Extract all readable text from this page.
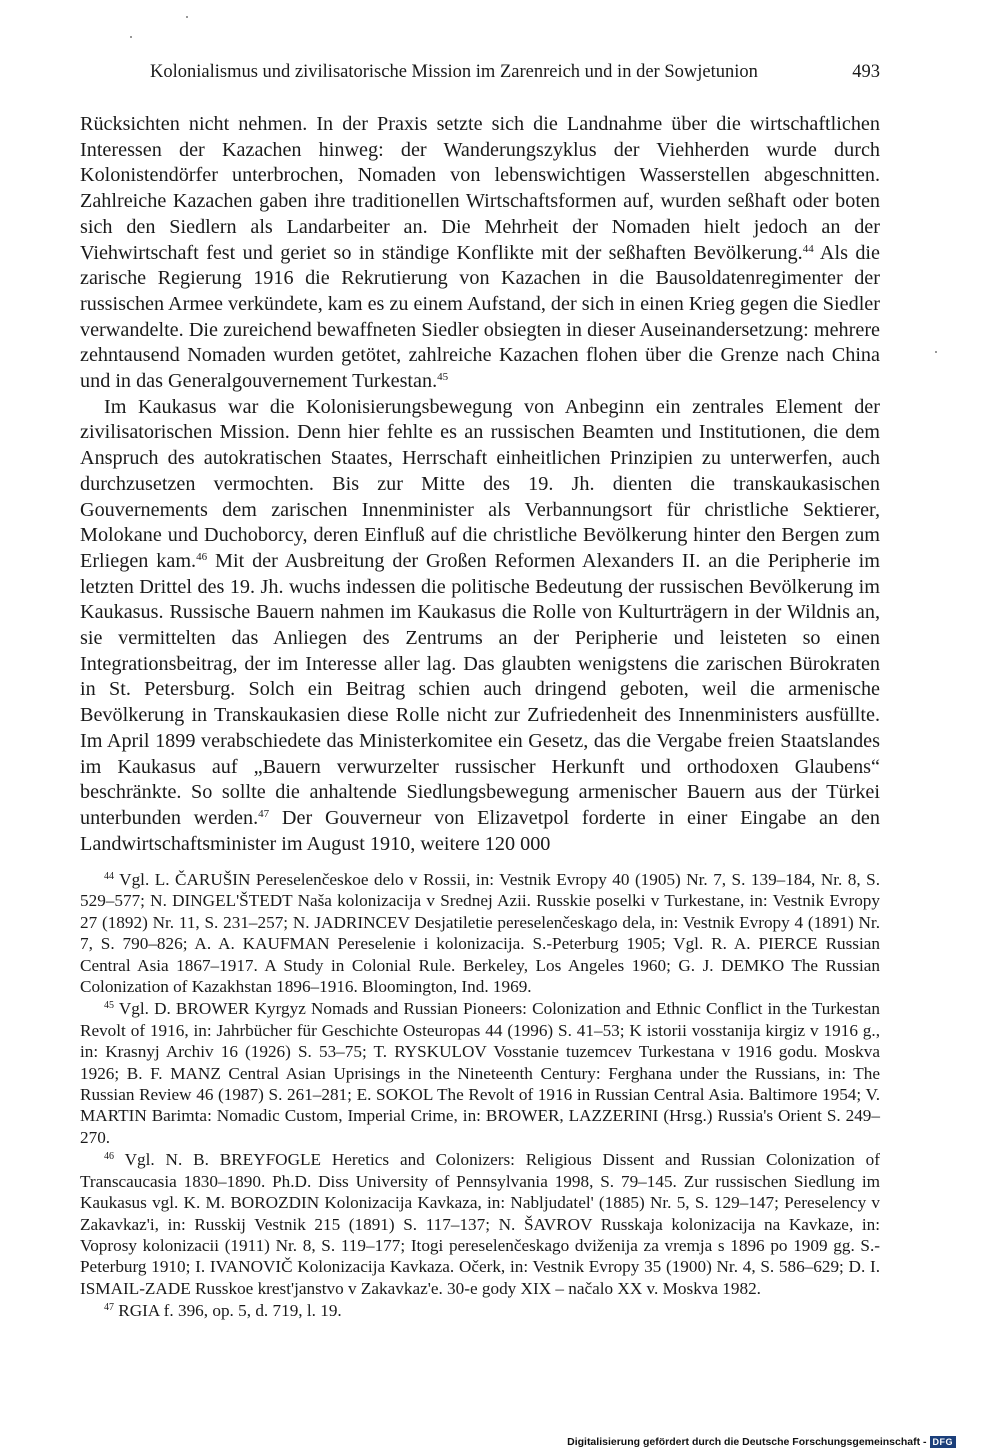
Kolonialismus und zivilisatorische Mission im Zarenreich und in der Sowjetunion	493

Rücksichten nicht nehmen. In der Praxis setzte sich die Landnahme über die wirtschaftlichen Interessen der Kazachen hinweg: der Wanderungszyklus der Viehherden wurde durch Kolonistendörfer unterbrochen, Nomaden von lebenswichtigen Wasserstellen abgeschnitten. Zahlreiche Kazachen gaben ihre traditionellen Wirtschaftsformen auf, wurden seßhaft oder boten sich den Siedlern als Landarbeiter an. Die Mehrheit der Nomaden hielt jedoch an der Viehwirtschaft fest und geriet so in ständige Konflikte mit der seßhaften Bevölkerung.$^{44}$ Als die zarische Regierung 1916 die Rekrutierung von Kazachen in die Bausoldatenregimenter der russischen Armee verkündete, kam es zu einem Aufstand, der sich in einen Krieg gegen die Siedler verwandelte. Die zureichend bewaffneten Siedler obsiegten in dieser Auseinandersetzung: mehrere zehntausend Nomaden wurden getötet, zahlreiche Kazachen flohen über die Grenze nach China und in das Generalgouvernement Turkestan.$^{45}$

Im Kaukasus war die Kolonisierungsbewegung von Anbeginn ein zentrales Element der zivilisatorischen Mission. Denn hier fehlte es an russischen Beamten und Institutionen, die dem Anspruch des autokratischen Staates, Herrschaft einheitlichen Prinzipien zu unterwerfen, auch durchzusetzen vermochten. Bis zur Mitte des 19. Jh. dienten die transkaukasischen Gouvernements dem zarischen Innenminister als Verbannungsort für christliche Sektierer, Molokane und Duchoborcy, deren Einfluß auf die christliche Bevölkerung hinter den Bergen zum Erliegen kam.$^{46}$ Mit der Ausbreitung der Großen Reformen Alexanders II. an die Peripherie im letzten Drittel des 19. Jh. wuchs indessen die politische Bedeutung der russischen Bevölkerung im Kaukasus. Russische Bauern nahmen im Kaukasus die Rolle von Kulturträgern in der Wildnis an, sie vermittelten das Anliegen des Zentrums an der Peripherie und leisteten so einen Integrationsbeitrag, der im Interesse aller lag. Das glaubten wenigstens die zarischen Bürokraten in St. Petersburg. Solch ein Beitrag schien auch dringend geboten, weil die armenische Bevölkerung in Transkaukasien diese Rolle nicht zur Zufriedenheit des Innenministers ausfüllte. Im April 1899 verabschiedete das Ministerkomitee ein Gesetz, das die Vergabe freien Staatslandes im Kaukasus auf „Bauern verwurzelter russischer Herkunft und orthodoxen Glaubens“ beschränkte. So sollte die anhaltende Siedlungsbewegung armenischer Bauern aus der Türkei unterbunden werden.$^{47}$ Der Gouverneur von Elizavetpol forderte in einer Eingabe an den Landwirtschaftsminister im August 1910, weitere 120 000

$^{44}$ Vgl. L. ČARUŠIN Pereselenčeskoe delo v Rossii, in: Vestnik Evropy 40 (1905) Nr. 7, S. 139–184, Nr. 8, S. 529–577; N. DINGEL'ŠTEDT Naša kolonizacija v Srednej Azii. Russkie poselki v Turkestane, in: Vestnik Evropy 27 (1892) Nr. 11, S. 231–257; N. JADRINCEV Desjatiletie pereselenčeskago dela, in: Vestnik Evropy 4 (1891) Nr. 7, S. 790–826; A. A. KAUFMAN Pereselenie i kolonizacija. S.-Peterburg 1905; Vgl. R. A. PIERCE Russian Central Asia 1867–1917. A Study in Colonial Rule. Berkeley, Los Angeles 1960; G. J. DEMKO The Russian Colonization of Kazakhstan 1896–1916. Bloomington, Ind. 1969.

$^{45}$ Vgl. D. BROWER Kyrgyz Nomads and Russian Pioneers: Colonization and Ethnic Conflict in the Turkestan Revolt of 1916, in: Jahrbücher für Geschichte Osteuropas 44 (1996) S. 41–53; K istorii vosstanija kirgiz v 1916 g., in: Krasnyj Archiv 16 (1926) S. 53–75; T. RYSKULOV Vosstanie tuzemcev Turkestana v 1916 godu. Moskva 1926; B. F. MANZ Central Asian Uprisings in the Nineteenth Century: Ferghana under the Russians, in: The Russian Review 46 (1987) S. 261–281; E. SOKOL The Revolt of 1916 in Russian Central Asia. Baltimore 1954; V. MARTIN Barimta: Nomadic Custom, Imperial Crime, in: BROWER, LAZZERINI (Hrsg.) Russia's Orient S. 249–270.

$^{46}$ Vgl. N. B. BREYFOGLE Heretics and Colonizers: Religious Dissent and Russian Colonization of Transcaucasia 1830–1890. Ph.D. Diss University of Pennsylvania 1998, S. 79–145. Zur russischen Siedlung im Kaukasus vgl. K. M. BOROZDIN Kolonizacija Kavkaza, in: Nabljudatel' (1885) Nr. 5, S. 129–147; Pereselency v Zakavkaz'i, in: Russkij Vestnik 215 (1891) S. 117–137; N. ŠAVROV Russkaja kolonizacija na Kavkaze, in: Voprosy kolonizacii (1911) Nr. 8, S. 119–177; Itogi pereselenčeskago dviženija za vremja s 1896 po 1909 gg. S.-Peterburg 1910; I. IVANOVIČ Kolonizacija Kavkaza. Očerk, in: Vestnik Evropy 35 (1900) Nr. 4, S. 586–629; D. I. ISMAIL-ZADE Russkoe krest'janstvo v Zakavkaz'e. 30-e gody XIX – načalo XX v. Moskva 1982.

$^{47}$ RGIA f. 396, op. 5, d. 719, l. 19.

Digitalisierung gefördert durch die Deutsche Forschungsgemeinschaft - DFG
